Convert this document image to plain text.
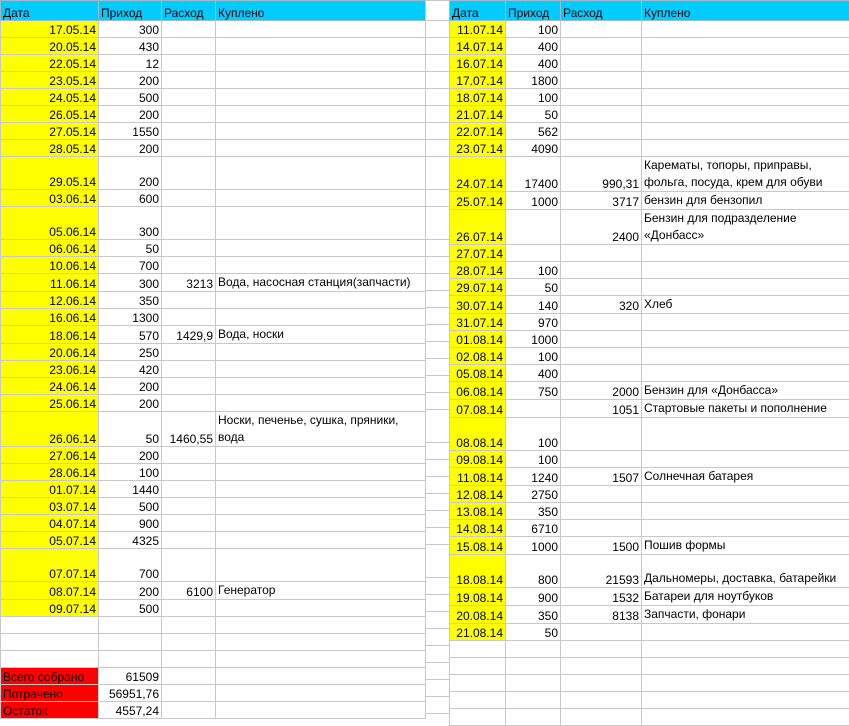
Дата	Приход	Расход	Куплено
17.05.14	300		
20.05.14	430		
22.05.14	12		
23.05.14	200		
24.05.14	500		
26.05.14	200		
27.05.14	1550		
28.05.14	200		
29.05.14	200		
03.06.14	600		
05.06.14	300		
06.06.14	50		
10.06.14	700		
11.06.14	300	3213	Вода, насосная станция(запчасти)
12.06.14	350		
16.06.14	1300		
18.06.14	570	1429,9	Вода, носки
20.06.14	250		
23.06.14	420		
24.06.14	200		
25.06.14	200		
26.06.14	50	1460,55	Носки, печенье, сушка, пряники, вода
27.06.14	200		
28.06.14	100		
01.07.14	1440		
03.07.14	500		
04.07.14	900		
05.07.14	4325		
07.07.14	700		
08.07.14	200	6100	Генератор
09.07.14	500		

Всего собрано	61509		
Потрачено	56951,76		
Остаток	4557,24		

Дата	Приход	Расход	Куплено
11.07.14	100		
14.07.14	400		
16.07.14	400		
17.07.14	1800		
18.07.14	100		
21.07.14	50		
22.07.14	562		
23.07.14	4090		
24.07.14	17400	990,31	Карематы, топоры, приправы, фольга, посуда, крем для обуви
25.07.14	1000	3717	бензин для бензопил
26.07.14		2400	Бензин для подразделение «Донбасс»
27.07.14			
28.07.14	100		
29.07.14	50		
30.07.14	140	320	Хлеб
31.07.14	970		
01.08.14	1000		
02.08.14	100		
05.08.14	400		
06.08.14	750	2000	Бензин для «Донбасса»
07.08.14		1051	Стартовые пакеты и пополнение
08.08.14	100		
09.08.14	100		
11.08.14	1240	1507	Солнечная батарея
12.08.14	2750		
13.08.14	350		
14.08.14	6710		
15.08.14	1000	1500	Пошив формы
18.08.14	800	21593	Дальномеры, доставка, батарейки
19.08.14	900	1532	Батареи для ноутбуков
20.08.14	350	8138	Запчасти, фонари
21.08.14	50		
